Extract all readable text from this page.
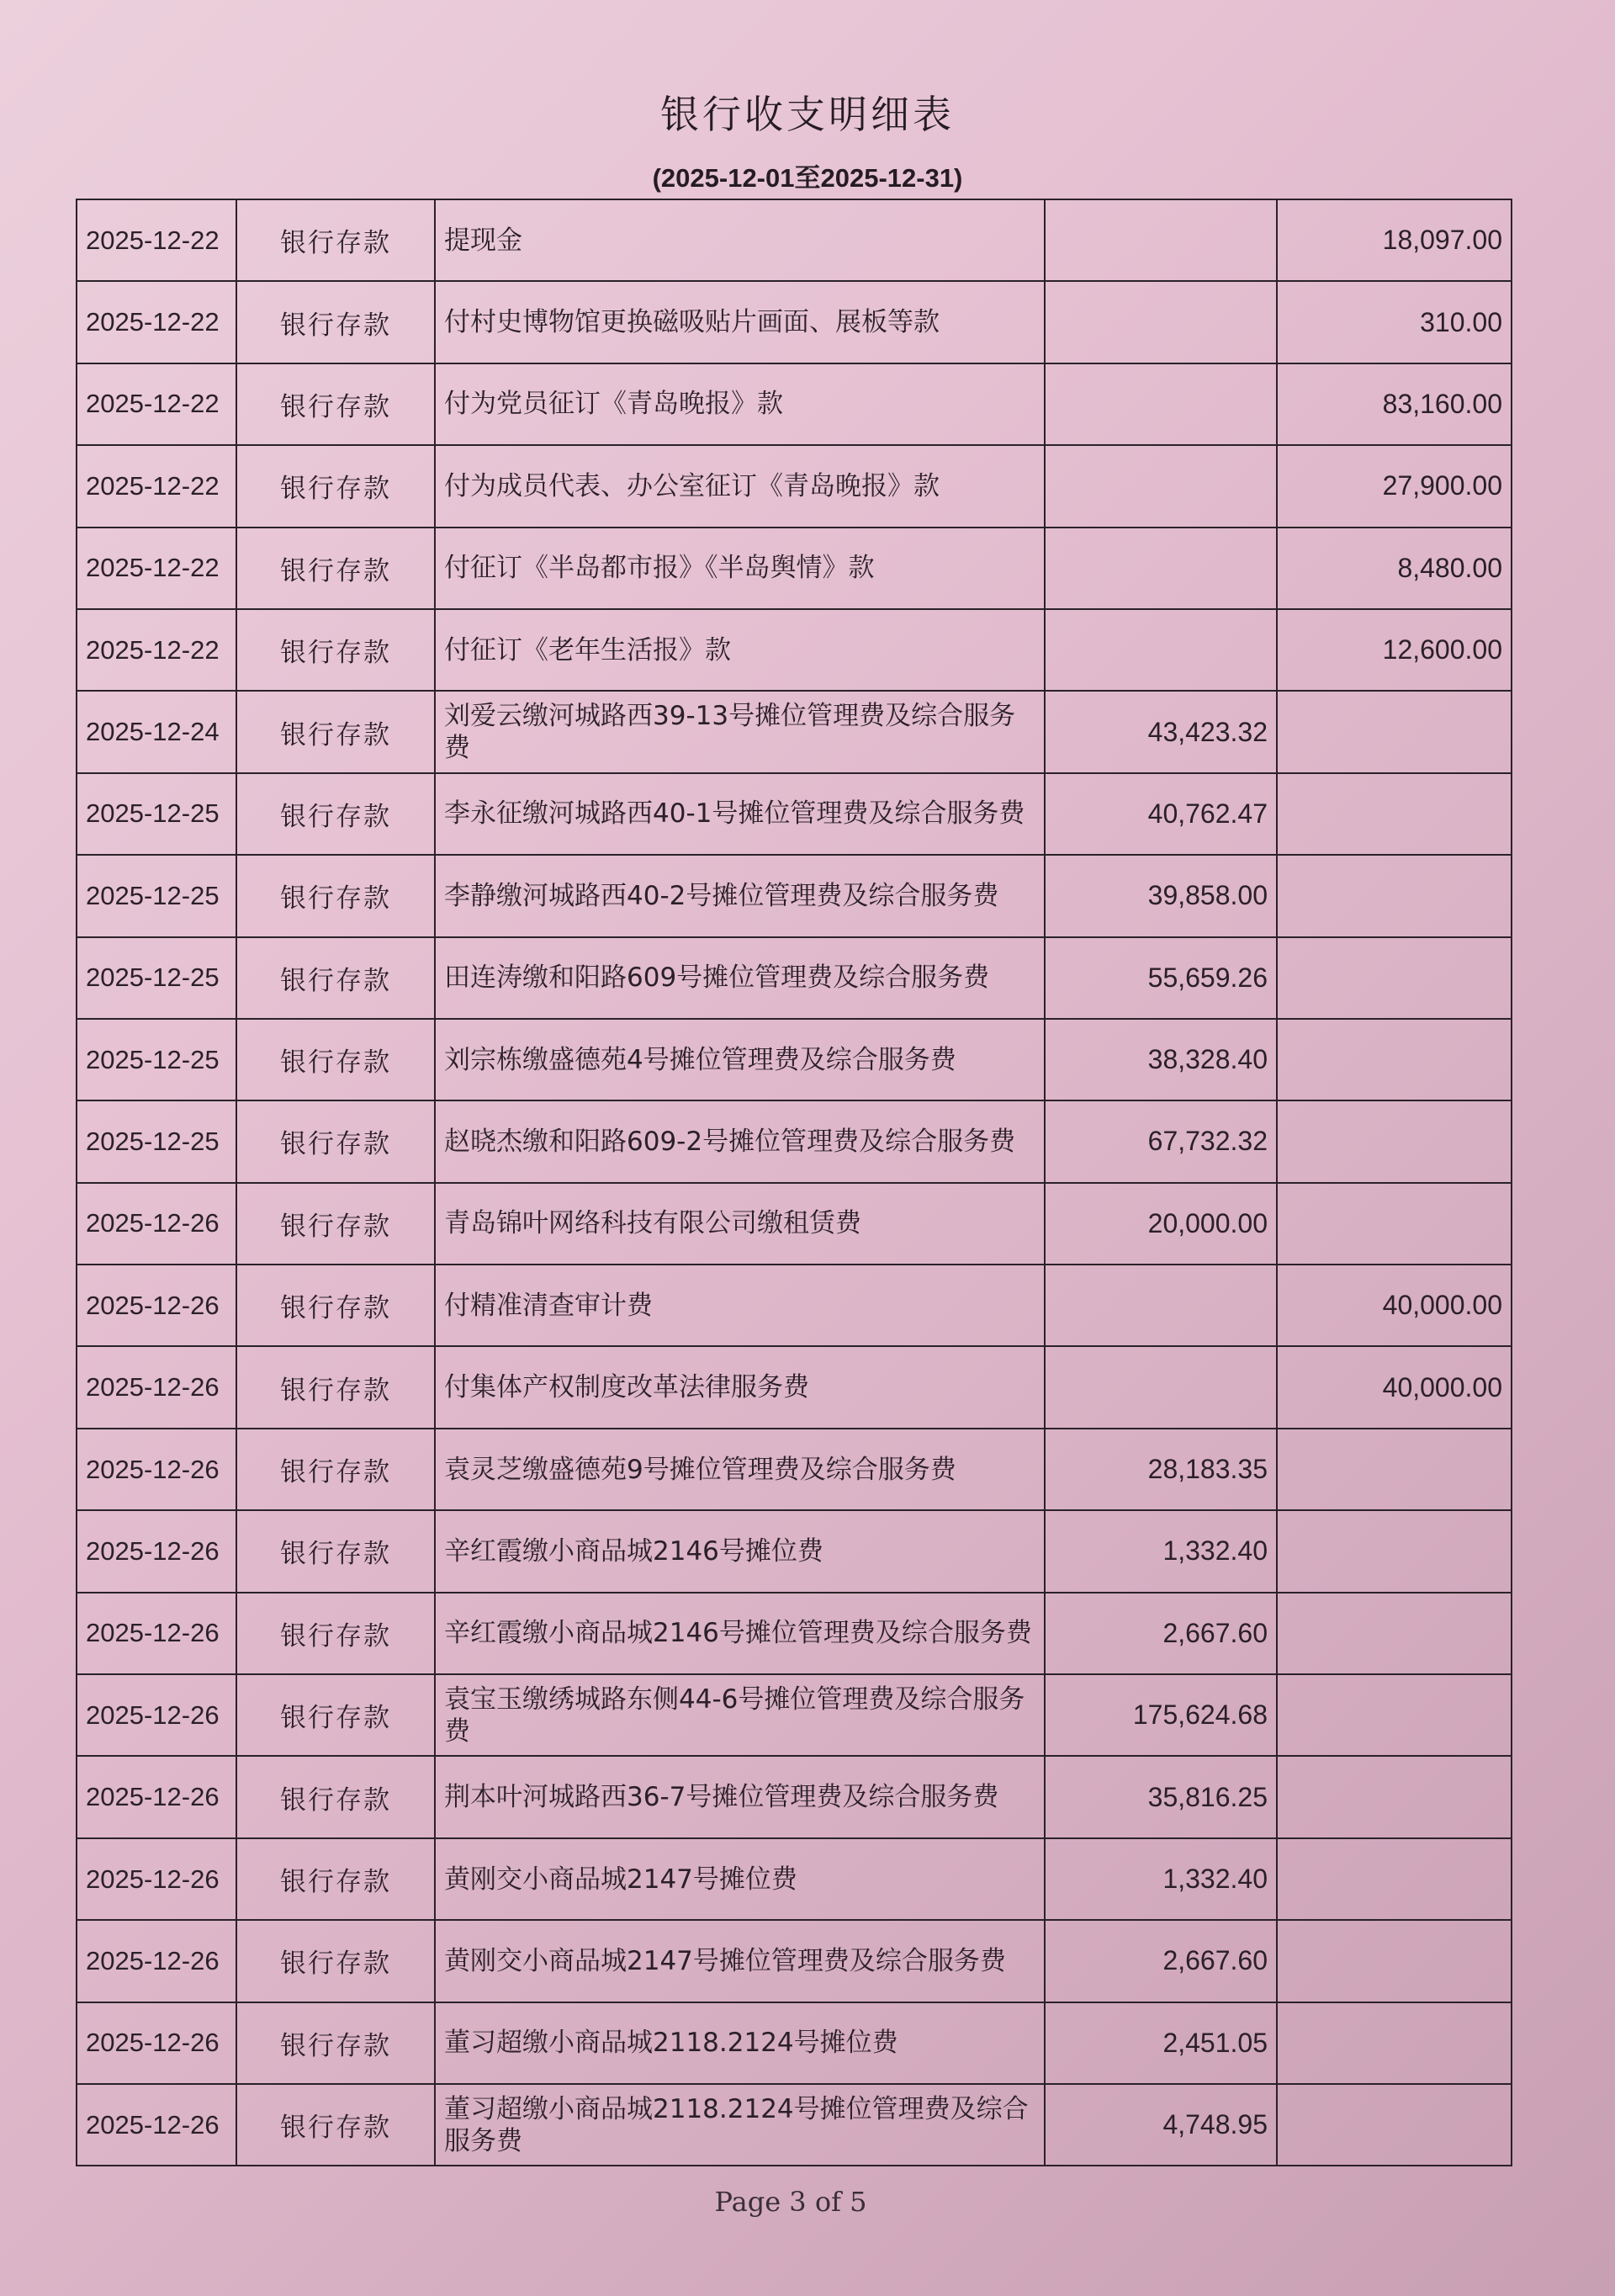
银行收支明细表
(2025-12-01至2025-12-31)
2025-12-22	银行存款	提现金		18,097.00
2025-12-22	银行存款	付村史博物馆更换磁吸贴片画面、展板等款		310.00
2025-12-22	银行存款	付为党员征订《青岛晚报》款		83,160.00
2025-12-22	银行存款	付为成员代表、办公室征订《青岛晚报》款		27,900.00
2025-12-22	银行存款	付征订《半岛都市报》《半岛舆情》款		8,480.00
2025-12-22	银行存款	付征订《老年生活报》款		12,600.00
2025-12-24	银行存款	刘爱云缴河城路西39-13号摊位管理费及综合服务费	43,423.32	
2025-12-25	银行存款	李永征缴河城路西40-1号摊位管理费及综合服务费	40,762.47	
2025-12-25	银行存款	李静缴河城路西40-2号摊位管理费及综合服务费	39,858.00	
2025-12-25	银行存款	田连涛缴和阳路609号摊位管理费及综合服务费	55,659.26	
2025-12-25	银行存款	刘宗栋缴盛德苑4号摊位管理费及综合服务费	38,328.40	
2025-12-25	银行存款	赵晓杰缴和阳路609-2号摊位管理费及综合服务费	67,732.32	
2025-12-26	银行存款	青岛锦叶网络科技有限公司缴租赁费	20,000.00	
2025-12-26	银行存款	付精准清查审计费		40,000.00
2025-12-26	银行存款	付集体产权制度改革法律服务费		40,000.00
2025-12-26	银行存款	袁灵芝缴盛德苑9号摊位管理费及综合服务费	28,183.35	
2025-12-26	银行存款	辛红霞缴小商品城2146号摊位费	1,332.40	
2025-12-26	银行存款	辛红霞缴小商品城2146号摊位管理费及综合服务费	2,667.60	
2025-12-26	银行存款	袁宝玉缴绣城路东侧44-6号摊位管理费及综合服务费	175,624.68	
2025-12-26	银行存款	荆本叶河城路西36-7号摊位管理费及综合服务费	35,816.25	
2025-12-26	银行存款	黄刚交小商品城2147号摊位费	1,332.40	
2025-12-26	银行存款	黄刚交小商品城2147号摊位管理费及综合服务费	2,667.60	
2025-12-26	银行存款	董习超缴小商品城2118.2124号摊位费	2,451.05	
2025-12-26	银行存款	董习超缴小商品城2118.2124号摊位管理费及综合服务费	4,748.95	
Page 3 of 5
